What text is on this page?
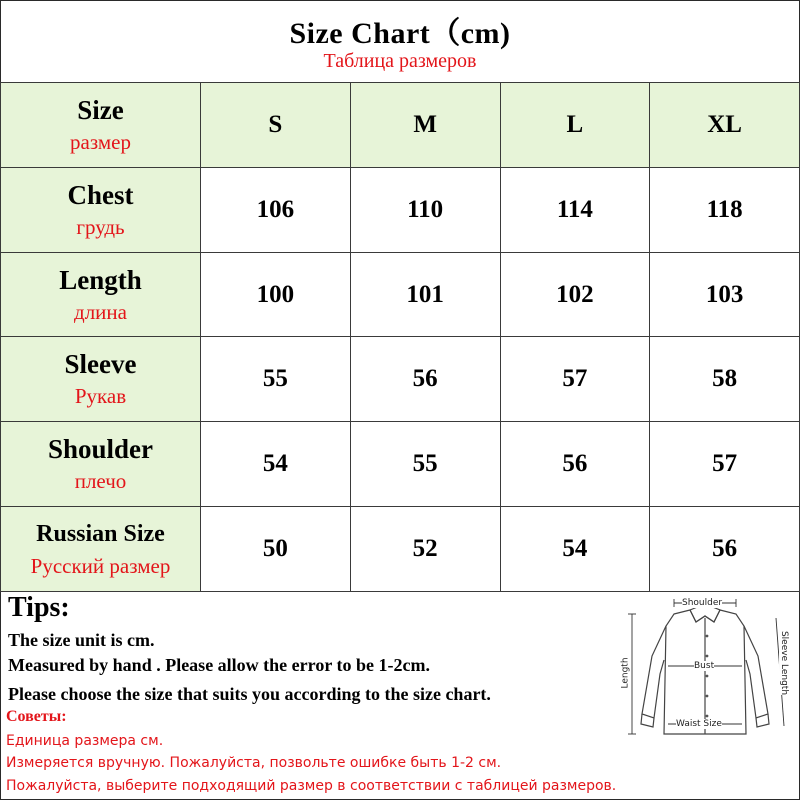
Size Chart（cm)
Таблица размеров
Size
размер	S	M	L	XL

Chest
грудь	106	110	114	118

Length
длина	100	101	102	103

Sleeve
Рукав	55	56	57	58

Shoulder
плечо	54	55	56	57

Russian Size
Русский размер	50	52	54	56
Tips:
The size unit is cm.
Measured by hand . Please allow the error to be 1-2cm.
Please choose the size that suits you according to the size chart.
Советы:
Единица размера см.
Измеряется вручную. Пожалуйста, позвольте ошибке быть 1-2 см.
Пожалуйста, выберите подходящий размер в соответствии с таблицей размеров.
Shoulder
Bust
Waist Size
Length	Sleeve Length
